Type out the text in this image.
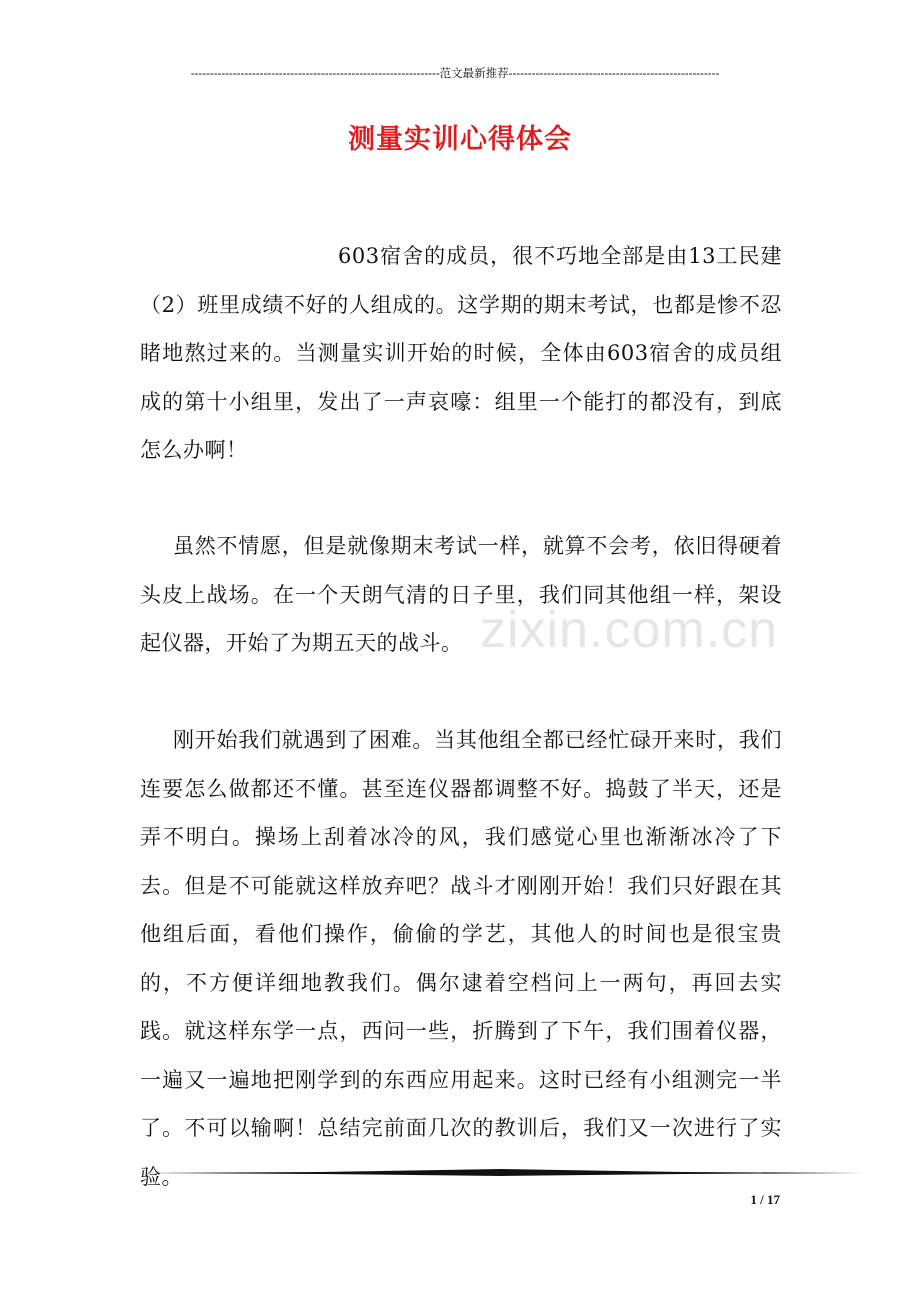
-----------------------------------------------------------------范文最新推荐-------------------------------------------------------
测量实训心得体会

603宿舍的成员，很不巧地全部是由13工民建（2）班里成绩不好的人组成的。这学期的期末考试，也都是惨不忍睹地熬过来的。当测量实训开始的时候，全体由603宿舍的成员组成的第十小组里，发出了一声哀嚎：组里一个能打的都没有，到底怎么办啊！

虽然不情愿，但是就像期末考试一样，就算不会考，依旧得硬着头皮上战场。在一个天朗气清的日子里，我们同其他组一样，架设起仪器，开始了为期五天的战斗。

刚开始我们就遇到了困难。当其他组全都已经忙碌开来时，我们连要怎么做都还不懂。甚至连仪器都调整不好。捣鼓了半天，还是弄不明白。操场上刮着冰冷的风，我们感觉心里也渐渐冰冷了下去。但是不可能就这样放弃吧？战斗才刚刚开始！我们只好跟在其他组后面，看他们操作，偷偷的学艺，其他人的时间也是很宝贵的，不方便详细地教我们。偶尔逮着空档问上一两句，再回去实践。就这样东学一点，西问一些，折腾到了下午，我们围着仪器，一遍又一遍地把刚学到的东西应用起来。这时已经有小组测完一半了。不可以输啊！总结完前面几次的教训后，我们又一次进行了实验。

zixin.com.cn
1 / 17
